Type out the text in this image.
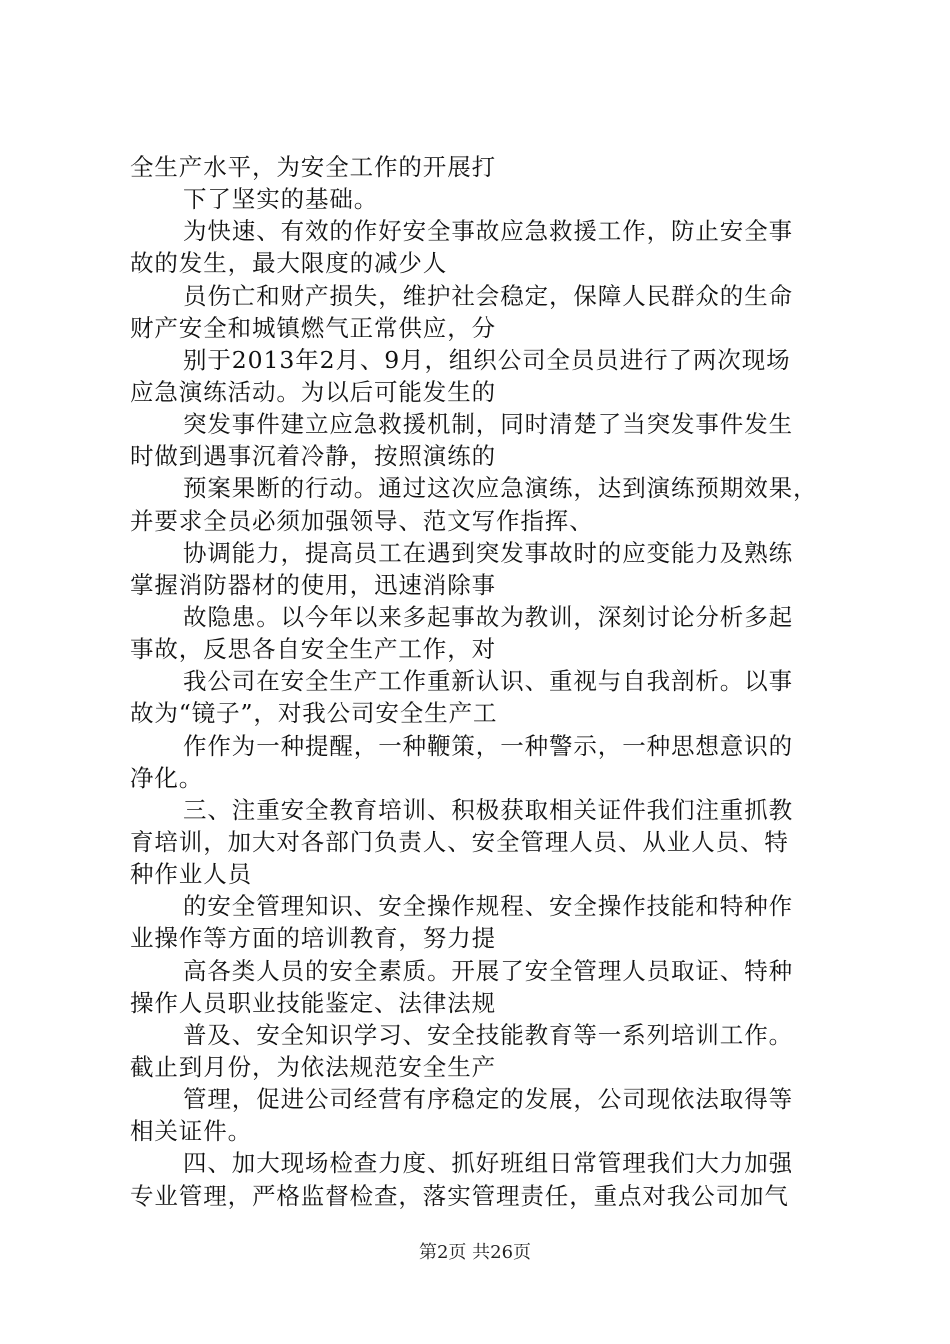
全生产水平，为安全工作的开展打
下了坚实的基础。
为快速、有效的作好安全事故应急救援工作，防止安全事
故的发生，最大限度的减少人
员伤亡和财产损失，维护社会稳定，保障人民群众的生命
财产安全和城镇燃气正常供应，分
别于2013年2月、9月，组织公司全员员进行了两次现场
应急演练活动。为以后可能发生的
突发事件建立应急救援机制，同时清楚了当突发事件发生
时做到遇事沉着冷静，按照演练的
预案果断的行动。通过这次应急演练，达到演练预期效果，
并要求全员必须加强领导、范文写作指挥、
协调能力，提高员工在遇到突发事故时的应变能力及熟练
掌握消防器材的使用，迅速消除事
故隐患。以今年以来多起事故为教训，深刻讨论分析多起
事故，反思各自安全生产工作，对
我公司在安全生产工作重新认识、重视与自我剖析。以事
故为“镜子”，对我公司安全生产工
作作为一种提醒，一种鞭策，一种警示，一种思想意识的
净化。
三、注重安全教育培训、积极获取相关证件我们注重抓教
育培训，加大对各部门负责人、安全管理人员、从业人员、特
种作业人员
的安全管理知识、安全操作规程、安全操作技能和特种作
业操作等方面的培训教育，努力提
高各类人员的安全素质。开展了安全管理人员取证、特种
操作人员职业技能鉴定、法律法规
普及、安全知识学习、安全技能教育等一系列培训工作。
截止到月份，为依法规范安全生产
管理，促进公司经营有序稳定的发展，公司现依法取得等
相关证件。
四、加大现场检查力度、抓好班组日常管理我们大力加强
专业管理，严格监督检查，落实管理责任，重点对我公司加气
第2页 共26页
